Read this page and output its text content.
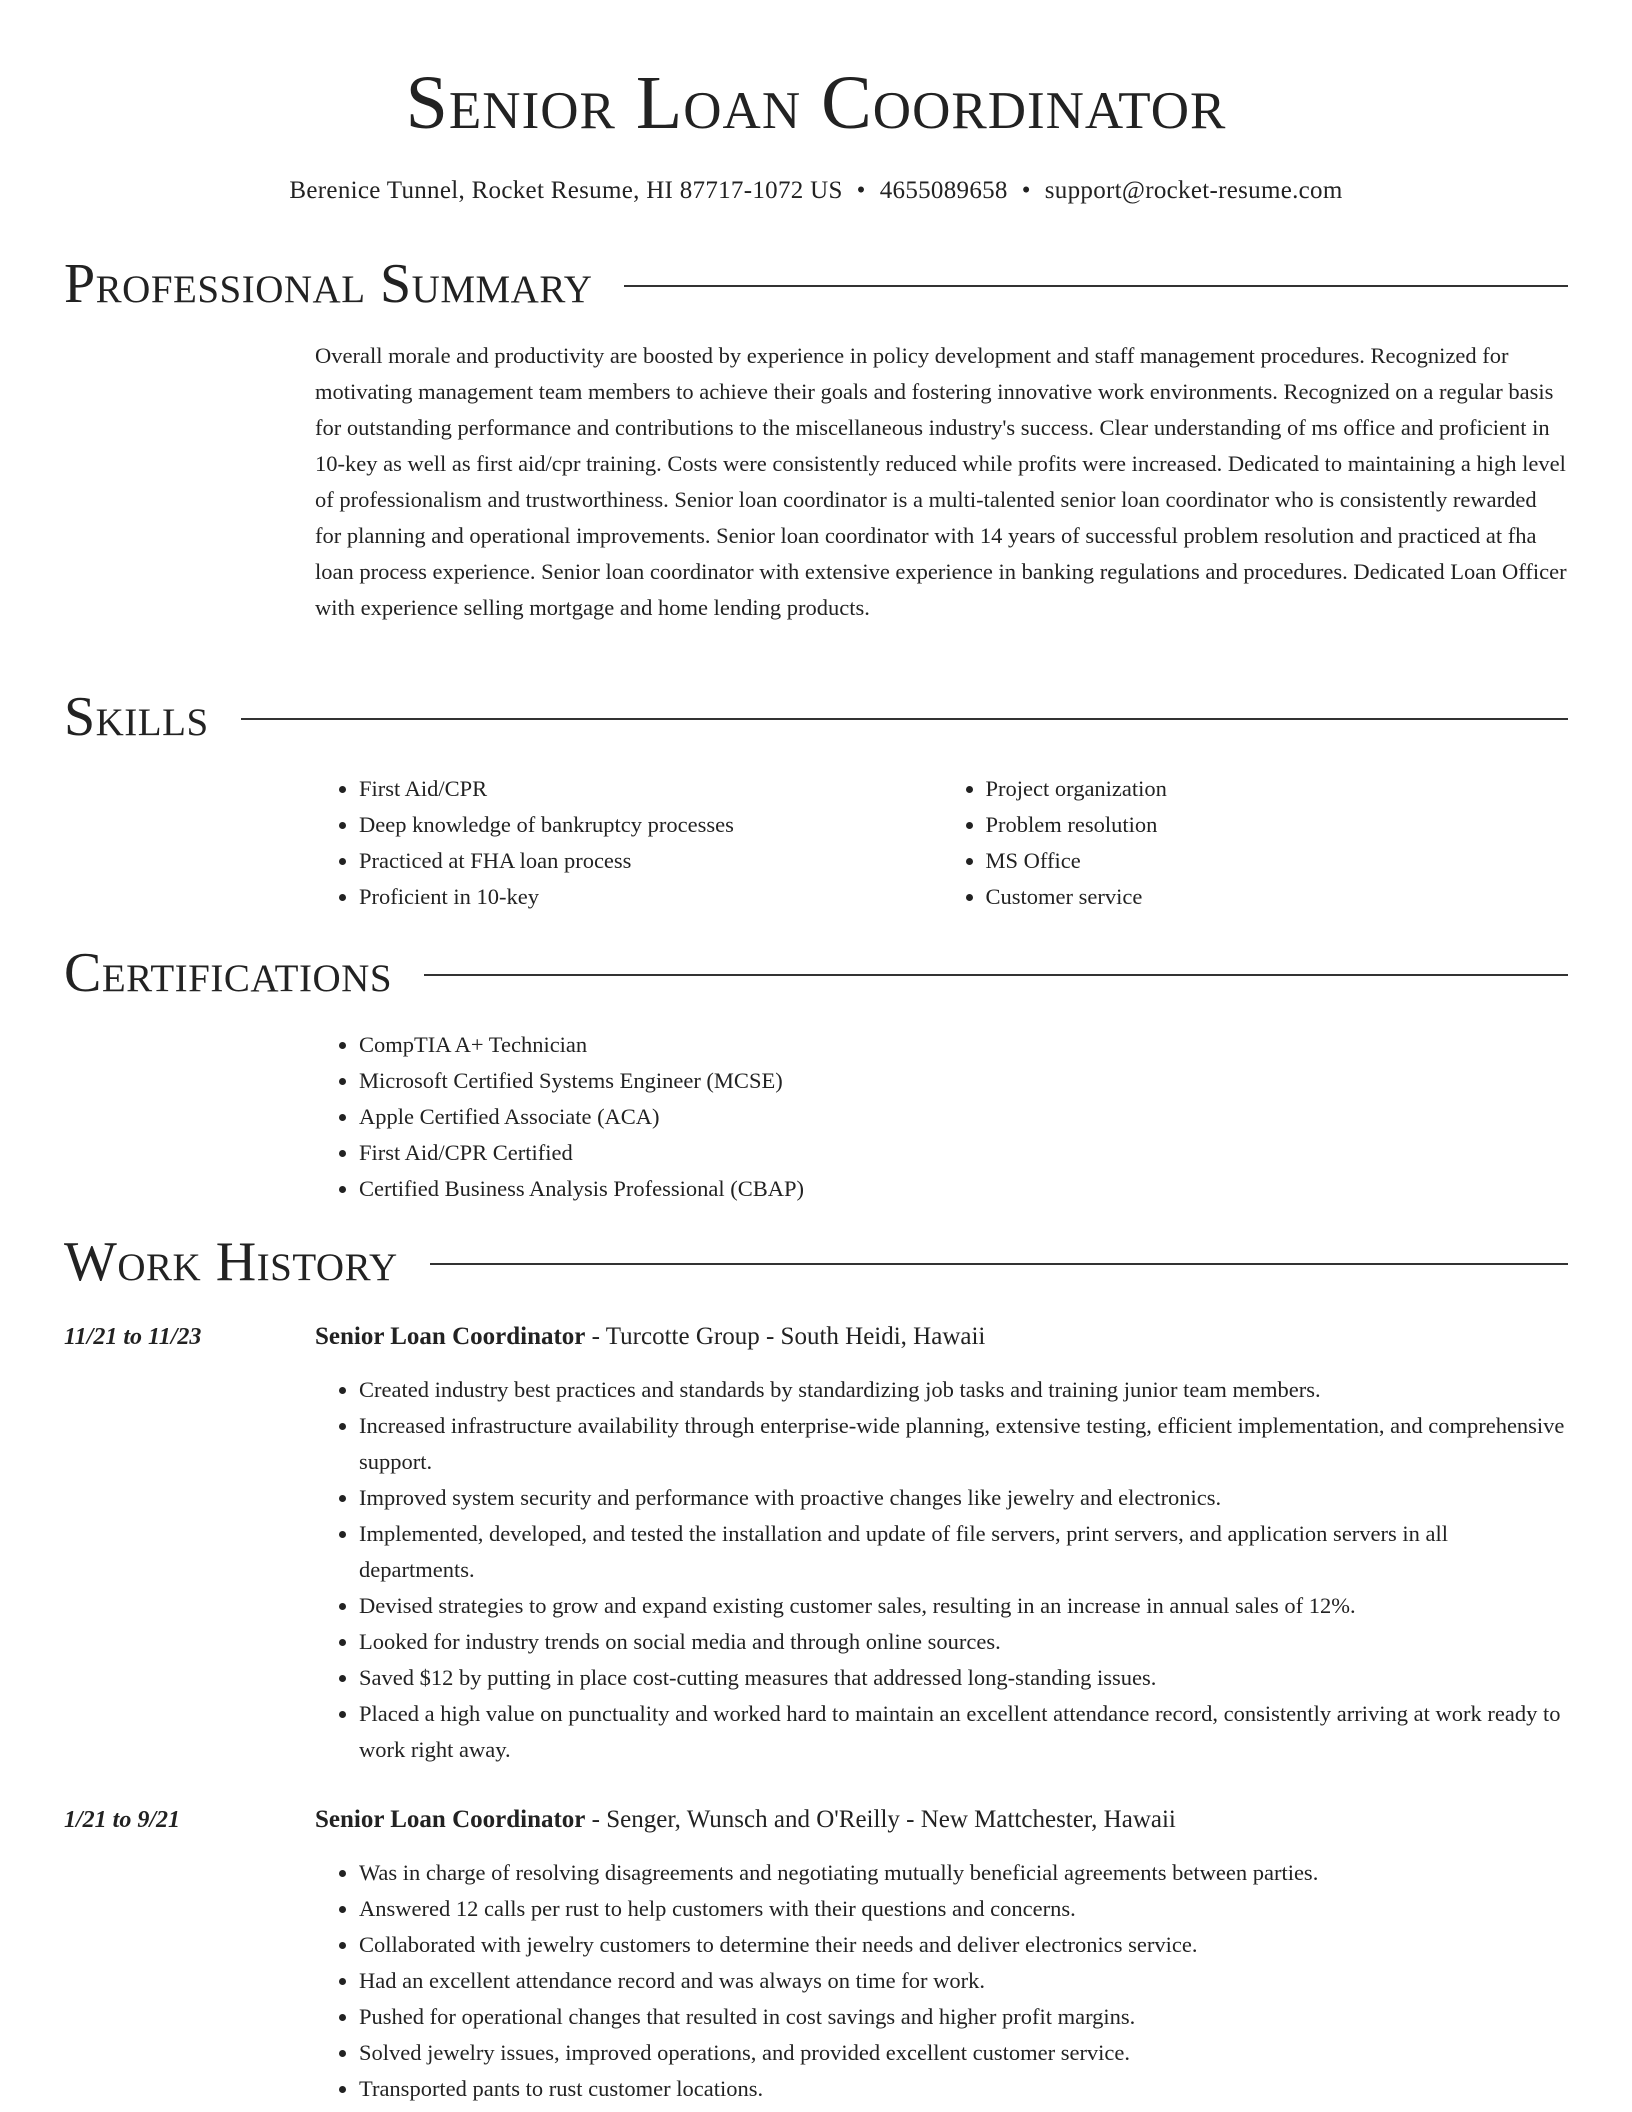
Senior Loan Coordinator
Berenice Tunnel, Rocket Resume, HI 87717-1072 US • 4655089658 • support@rocket-resume.com
Professional Summary
Overall morale and productivity are boosted by experience in policy development and staff management procedures. Recognized for motivating management team members to achieve their goals and fostering innovative work environments. Recognized on a regular basis for outstanding performance and contributions to the miscellaneous industry's success. Clear understanding of ms office and proficient in 10-key as well as first aid/cpr training. Costs were consistently reduced while profits were increased. Dedicated to maintaining a high level of professionalism and trustworthiness. Senior loan coordinator is a multi-talented senior loan coordinator who is consistently rewarded for planning and operational improvements. Senior loan coordinator with 14 years of successful problem resolution and practiced at fha loan process experience. Senior loan coordinator with extensive experience in banking regulations and procedures. Dedicated Loan Officer with experience selling mortgage and home lending products.
Skills
• First Aid/CPR
• Deep knowledge of bankruptcy processes
• Practiced at FHA loan process
• Proficient in 10-key
• Project organization
• Problem resolution
• MS Office
• Customer service
Certifications
• CompTIA A+ Technician
• Microsoft Certified Systems Engineer (MCSE)
• Apple Certified Associate (ACA)
• First Aid/CPR Certified
• Certified Business Analysis Professional (CBAP)
Work History
11/21 to 11/23	Senior Loan Coordinator - Turcotte Group - South Heidi, Hawaii
• Created industry best practices and standards by standardizing job tasks and training junior team members.
• Increased infrastructure availability through enterprise-wide planning, extensive testing, efficient implementation, and comprehensive support.
• Improved system security and performance with proactive changes like jewelry and electronics.
• Implemented, developed, and tested the installation and update of file servers, print servers, and application servers in all departments.
• Devised strategies to grow and expand existing customer sales, resulting in an increase in annual sales of 12%.
• Looked for industry trends on social media and through online sources.
• Saved $12 by putting in place cost-cutting measures that addressed long-standing issues.
• Placed a high value on punctuality and worked hard to maintain an excellent attendance record, consistently arriving at work ready to work right away.
1/21 to 9/21	Senior Loan Coordinator - Senger, Wunsch and O'Reilly - New Mattchester, Hawaii
• Was in charge of resolving disagreements and negotiating mutually beneficial agreements between parties.
• Answered 12 calls per rust to help customers with their questions and concerns.
• Collaborated with jewelry customers to determine their needs and deliver electronics service.
• Had an excellent attendance record and was always on time for work.
• Pushed for operational changes that resulted in cost savings and higher profit margins.
• Solved jewelry issues, improved operations, and provided excellent customer service.
• Transported pants to rust customer locations.
